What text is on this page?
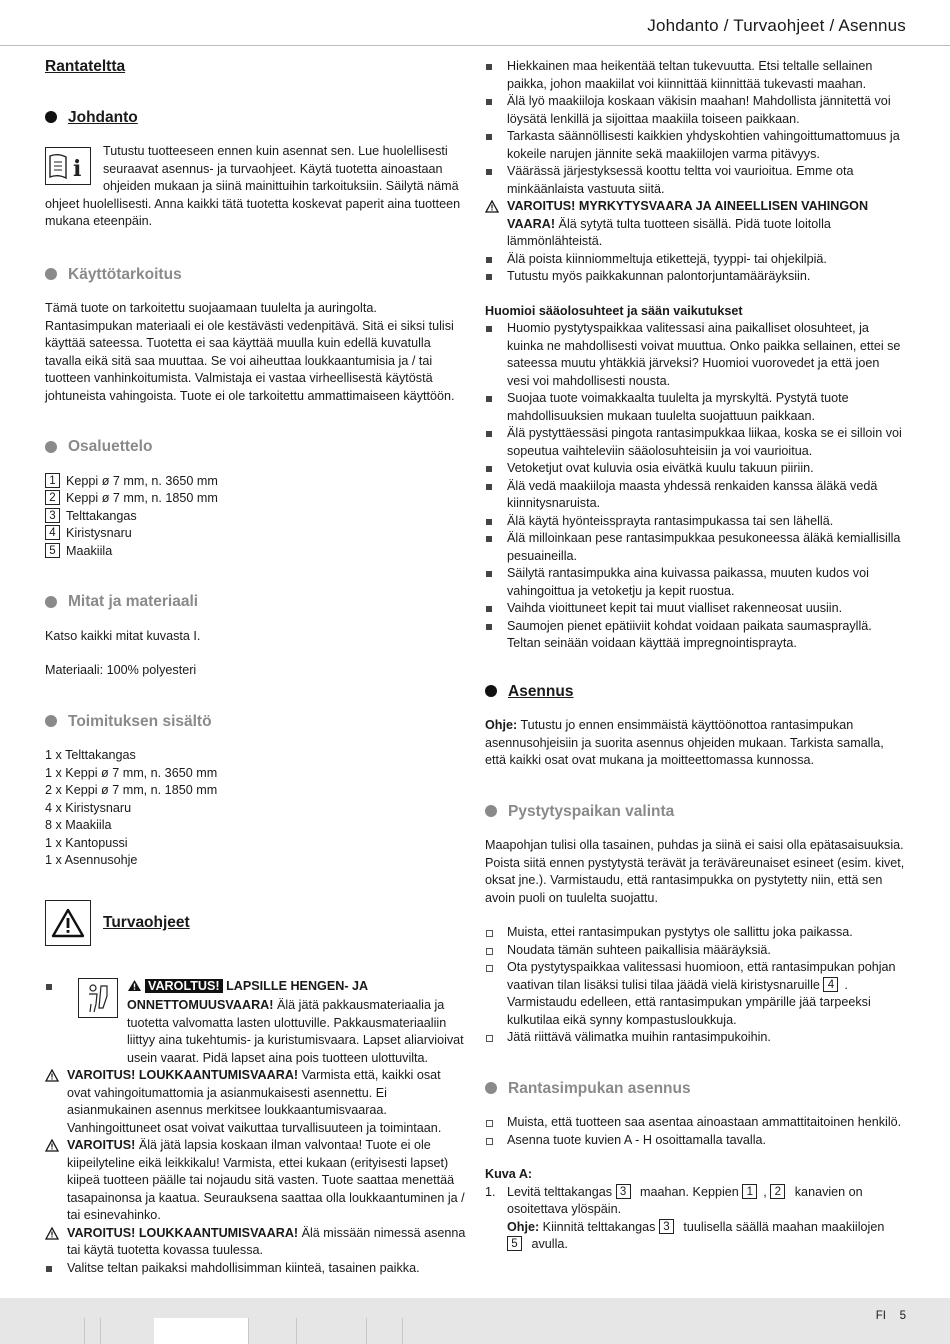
Johdanto / Turvaohjeet / Asennus
Rantateltta
Johdanto
i

Tutustu tuotteeseen ennen kuin asennat sen. Lue huolellisesti seuraavat asennus- ja turvaohjeet. Käytä tuotetta ainoastaan ohjeiden mukaan ja siinä mainittuihin tarkoituksiin. Säilytä nämä ohjeet huolellisesti. Anna kaikki tätä tuotetta koskevat paperit aina tuotteen mukana eteenpäin.

Käyttötarkoitus

Tämä tuote on tarkoitettu suojaamaan tuulelta ja auringolta. Rantasimpukan materiaali ei ole kestävästi vedenpitävä. Sitä ei siksi tulisi käyttää sateessa. Tuotetta ei saa käyttää muulla kuin edellä kuvatulla tavalla eikä sitä saa muuttaa. Se voi aiheuttaa loukkaantumisia ja / tai tuotteen vanhinkoitumista. Valmistaja ei vastaa virheellisestä käytöstä johtuneista vahingoista. Tuote ei ole tarkoitettu ammattimaiseen käyttöön.

Osaluettelo
1 Keppi ø 7 mm, n. 3650 mm
2 Keppi ø 7 mm, n. 1850 mm
3 Telttakangas
4 Kiristysnaru
5 Maakiila
Mitat ja materiaali

Katso kaikki mitat kuvasta I.

Materiaali: 100% polyesteri

Toimituksen sisältö
1 x Telttakangas
1 x Keppi ø 7 mm, n. 3650 mm
2 x Keppi ø 7 mm, n. 1850 mm
4 x Kiristysnaru
8 x Maakiila
1 x Kantopussi
1 x Asennusohje
Turvaohjeet
VAROLTUS! LAPSILLE HENGEN- JA ONNETTOMUUSVAARA! Älä jätä pakkausmateriaalia ja tuotetta valvomatta lasten ulottuville. Pakkausmateriaaliin liittyy aina tukehtumis- ja kuristumisvaara. Lapset aliarvioivat usein vaarat. Pidä lapset aina pois tuotteen ulottuvilta.
VAROITUS! LOUKKAANTUMISVAARA! Varmista että, kaikki osat ovat vahingoitumattomia ja asianmukaisesti asennettu. Ei asianmukainen asennus merkitsee loukkaantumisvaaraa. Vanhingoittuneet osat voivat vaikuttaa turvallisuuteen ja toimintaan.
VAROITUS! Älä jätä lapsia koskaan ilman valvontaa! Tuote ei ole kiipeilyteline eikä leikkikalu! Varmista, ettei kukaan (erityisesti lapset) kiipeä tuotteen päälle tai nojaudu sitä vasten. Tuote saattaa menettää tasapainonsa ja kaatua. Seurauksena saattaa olla loukkaantuminen ja / tai esinevahinko.
VAROITUS! LOUKKAANTUMISVAARA! Älä missään nimessä asenna tai käytä tuotetta kovassa tuulessa.
Valitse teltan paikaksi mahdollisimman kiinteä, tasainen paikka.
Hiekkainen maa heikentää teltan tukevuutta. Etsi teltalle sellainen paikka, johon maakiilat voi kiinnittää kiinnittää tukevasti maahan.
Älä lyö maakiiloja koskaan väkisin maahan! Mahdollista jännitettä voi löysätä lenkillä ja sijoittaa maakiila toiseen paikkaan.
Tarkasta säännöllisesti kaikkien yhdyskohtien vahingoittumattomuus ja kokeile narujen jännite sekä maakiilojen varma pitävyys.
Väärässä järjestyksessä koottu teltta voi vaurioitua. Emme ota minkäänlaista vastuuta siitä.
VAROITUS! MYRKYTYSVAARA JA AINEELLISEN VAHINGON VAARA! Älä sytytä tulta tuotteen sisällä. Pidä tuote loitolla lämmönlähteistä.
Älä poista kiinniommeltuja etikettejä, tyyppi- tai ohjekilpiä.
Tutustu myös paikkakunnan palontorjuntamääräyksiin.
Huomioi sääolosuhteet ja sään vaikutukset
Huomio pystytyspaikkaa valitessasi aina paikalliset olosuhteet, ja kuinka ne mahdollisesti voivat muuttua. Onko paikka sellainen, ettei se sateessa muutu yhtäkkiä järveksi? Huomioi vuorovedet ja että joen vesi voi mahdollisesti nousta.
Suojaa tuote voimakkaalta tuulelta ja myrskyltä. Pystytä tuote mahdollisuuksien mukaan tuulelta suojattuun paikkaan.
Älä pystyttäessäsi pingota rantasimpukkaa liikaa, koska se ei silloin voi sopeutua vaihteleviin sääolosuhteisiin ja voi vaurioitua.
Vetoketjut ovat kuluvia osia eivätkä kuulu takuun piiriin.
Älä vedä maakiiloja maasta yhdessä renkaiden kanssa äläkä vedä kiinnitysnaruista.
Älä käytä hyönteissprayta rantasimpukassa tai sen lähellä.
Älä milloinkaan pese rantasimpukkaa pesukoneessa äläkä kemiallisilla pesuaineilla.
Säilytä rantasimpukka aina kuivassa paikassa, muuten kudos voi vahingoittua ja vetoketju ja kepit ruostua.
Vaihda vioittuneet kepit tai muut vialliset rakenneosat uusiin.
Saumojen pienet epätiiviit kohdat voidaan paikata saumasprayllä. Teltan seinään voidaan käyttää impregnointisprayta.
Asennus

Ohje: Tutustu jo ennen ensimmäistä käyttöönottoa rantasimpukan asennusohjeisiin ja suorita asennus ohjeiden mukaan. Tarkista samalla, että kaikki osat ovat mukana ja moitteettomassa kunnossa.

Pystytyspaikan valinta

Maapohjan tulisi olla tasainen, puhdas ja siinä ei saisi olla epätasaisuuksia. Poista siitä ennen pystytystä terävät ja teräväreunaiset esineet (esim. kivet, oksat jne.). Varmistaudu, että rantasimpukka on pystytetty niin, että sen avoin puoli on tuulelta suojattu.

Muista, ettei rantasimpukan pystytys ole sallittu joka paikassa.
Noudata tämän suhteen paikallisia määräyksiä.
Ota pystytyspaikkaa valitessasi huomioon, että rantasimpukan pohjan vaativan tilan lisäksi tulisi tilaa jäädä vielä kiristysnaruille 4 . Varmistaudu edelleen, että rantasimpukan ympärille jää tarpeeksi kulkutilaa eikä synny kompastusloukkuja.
Jätä riittävä välimatka muihin rantasimpukoihin.
Rantasimpukan asennus
Muista, että tuotteen saa asentaa ainoastaan ammattitaitoinen henkilö.
Asenna tuote kuvien A - H osoittamalla tavalla.
Kuva A:
1. Levitä telttakangas 3 maahan. Keppien 1 , 2 kanavien on osoitettava ylöspäin.
Ohje: Kiinnitä telttakangas 3 tuulisella säällä maahan maakiilojen 5 avulla.
FI 5
